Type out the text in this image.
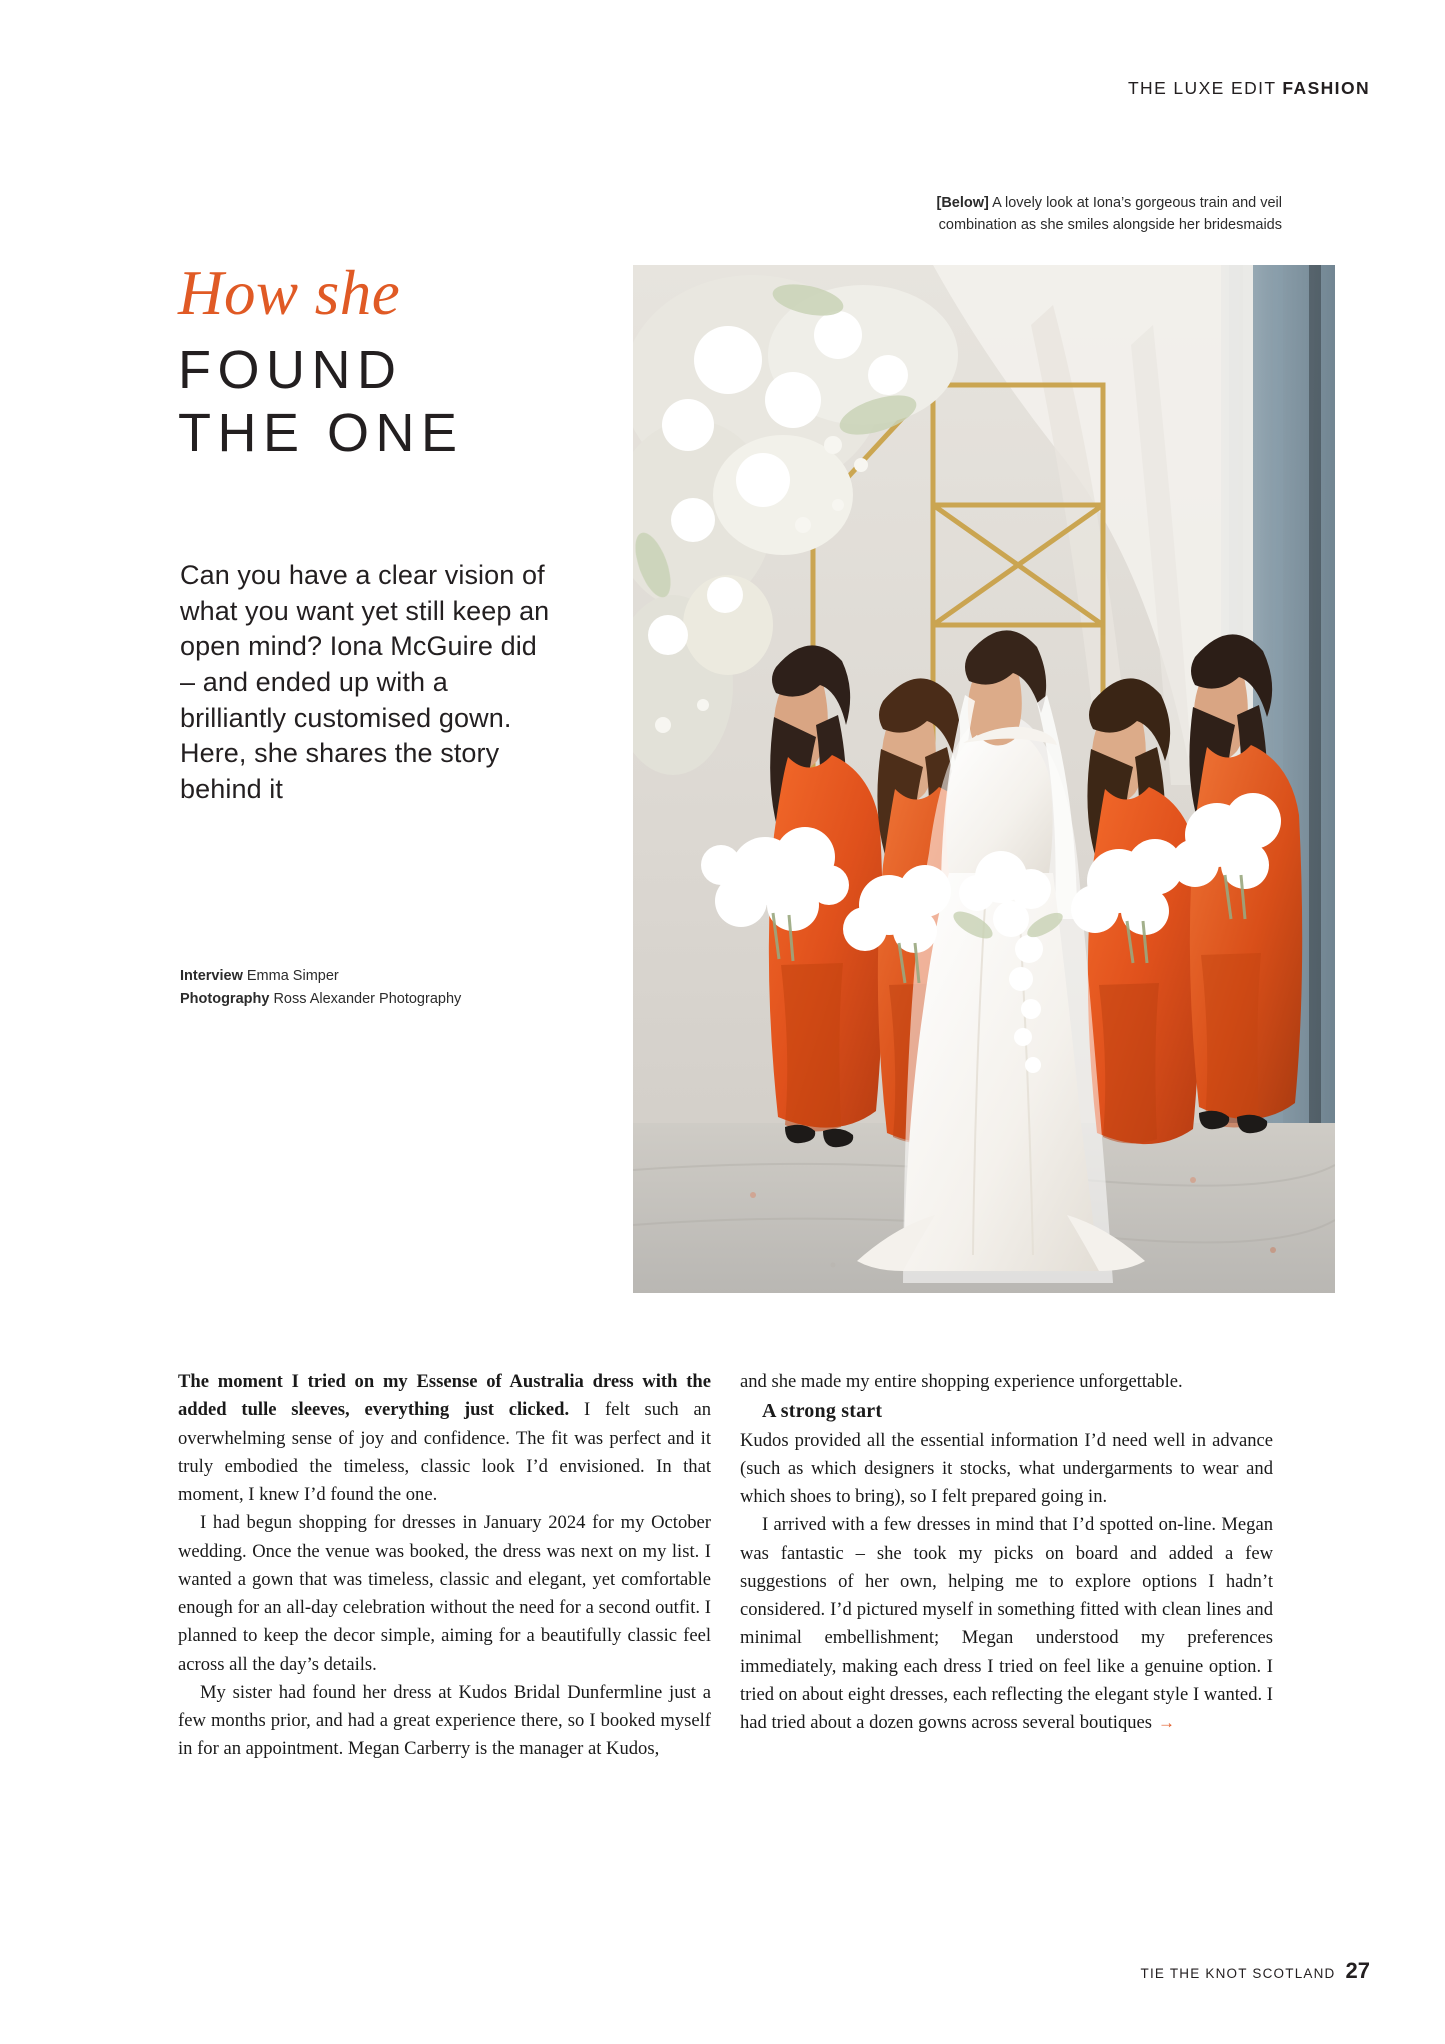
THE LUXE EDIT FASHION
[Below] A lovely look at Iona’s gorgeous train and veil combination as she smiles alongside her bridesmaids
How she
FOUND
THE ONE
Can you have a clear vision of what you want yet still keep an open mind? Iona McGuire did – and ended up with a brilliantly customised gown. Here, she shares the story behind it
Interview Emma Simper
Photography Ross Alexander Photography

The moment I tried on my Essense of Australia dress with the added tulle sleeves, everything just clicked. I felt such an overwhelming sense of joy and confidence. The fit was perfect and it truly embodied the timeless, classic look I’d envisioned. In that moment, I knew I’d found the one.

I had begun shopping for dresses in January 2024 for my October wedding. Once the venue was booked, the dress was next on my list. I wanted a gown that was timeless, classic and elegant, yet comfortable enough for an all-day celebration without the need for a second outfit. I planned to keep the decor simple, aiming for a beautifully classic feel across all the day’s details.

My sister had found her dress at Kudos Bridal Dunfermline just a few months prior, and had a great experience there, so I booked myself in for an appointment. Megan Carberry is the manager at Kudos,

and she made my entire shopping experience unforgettable.

A strong start

Kudos provided all the essential information I’d need well in advance (such as which designers it stocks, what undergarments to wear and which shoes to bring), so I felt prepared going in.

I arrived with a few dresses in mind that I’d spotted on-line. Megan was fantastic – she took my picks on board and added a few suggestions of her own, helping me to explore options I hadn’t considered. I’d pictured myself in something fitted with clean lines and minimal embellishment; Megan understood my preferences immediately, making each dress I tried on feel like a genuine option. I tried on about eight dresses, each reflecting the elegant style I wanted. I had tried about a dozen gowns across several boutiques →

TIE THE KNOT SCOTLAND 27
